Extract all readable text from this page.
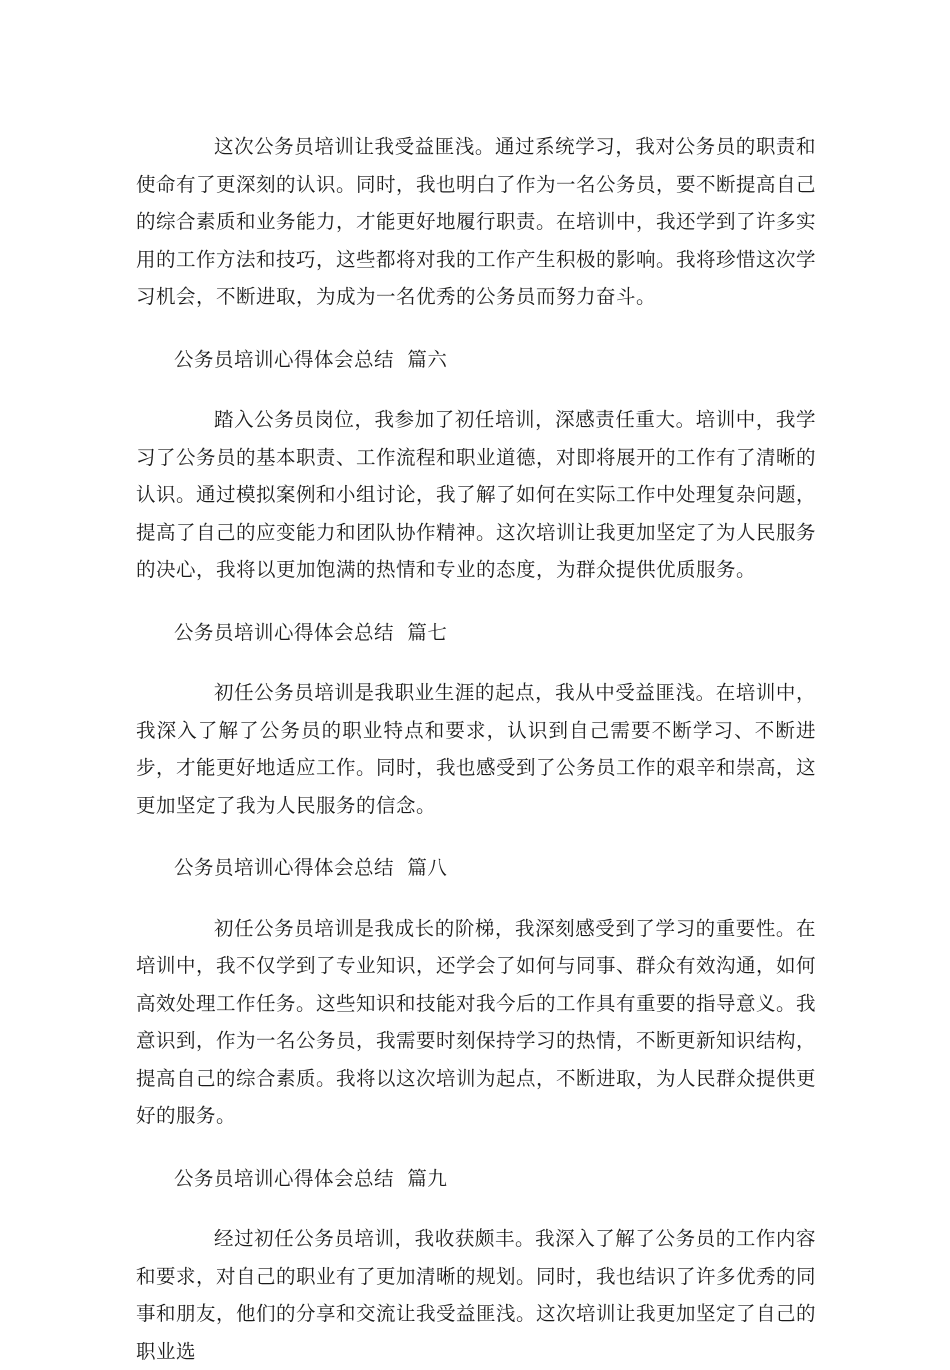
这次公务员培训让我受益匪浅。通过系统学习，我对公务员的职责和使命有了更深刻的认识。同时，我也明白了作为一名公务员，要不断提高自己的综合素质和业务能力，才能更好地履行职责。在培训中，我还学到了许多实用的工作方法和技巧，这些都将对我的工作产生积极的影响。我将珍惜这次学习机会，不断进取，为成为一名优秀的公务员而努力奋斗。

公务员培训心得体会总结  篇六

踏入公务员岗位，我参加了初任培训，深感责任重大。培训中，我学习了公务员的基本职责、工作流程和职业道德，对即将展开的工作有了清晰的认识。通过模拟案例和小组讨论，我了解了如何在实际工作中处理复杂问题，提高了自己的应变能力和团队协作精神。这次培训让我更加坚定了为人民服务的决心，我将以更加饱满的热情和专业的态度，为群众提供优质服务。

公务员培训心得体会总结  篇七

初任公务员培训是我职业生涯的起点，我从中受益匪浅。在培训中，我深入了解了公务员的职业特点和要求，认识到自己需要不断学习、不断进步，才能更好地适应工作。同时，我也感受到了公务员工作的艰辛和崇高，这更加坚定了我为人民服务的信念。

公务员培训心得体会总结  篇八

初任公务员培训是我成长的阶梯，我深刻感受到了学习的重要性。在培训中，我不仅学到了专业知识，还学会了如何与同事、群众有效沟通，如何高效处理工作任务。这些知识和技能对我今后的工作具有重要的指导意义。我意识到，作为一名公务员，我需要时刻保持学习的热情，不断更新知识结构，提高自己的综合素质。我将以这次培训为起点，不断进取，为人民群众提供更好的服务。

公务员培训心得体会总结  篇九

经过初任公务员培训，我收获颇丰。我深入了解了公务员的工作内容和要求，对自己的职业有了更加清晰的规划。同时，我也结识了许多优秀的同事和朋友，他们的分享和交流让我受益匪浅。这次培训让我更加坚定了自己的职业选
